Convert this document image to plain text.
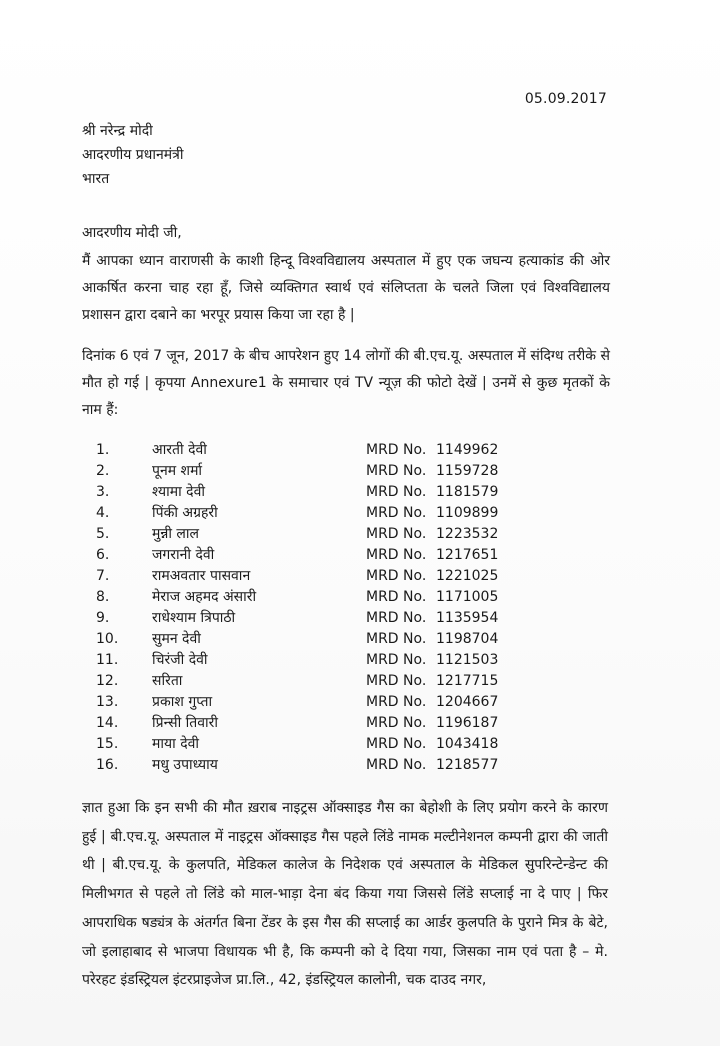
05.09.2017
श्री नरेन्द्र मोदी
आदरणीय प्रधानमंत्री
भारत
आदरणीय मोदी जी,
मैं आपका ध्यान वाराणसी के काशी हिन्दू विश्वविद्यालय अस्पताल में हुए एक जघन्य हत्याकांड की ओर आकर्षित करना चाह रहा हूँ, जिसे व्यक्तिगत स्वार्थ एवं संलिप्तता के चलते जिला एवं विश्वविद्यालय प्रशासन द्वारा दबाने का भरपूर प्रयास किया जा रहा है |
दिनांक 6 एवं 7 जून, 2017 के बीच आपरेशन हुए 14 लोगों की बी.एच.यू. अस्पताल में संदिग्ध तरीके से मौत हो गई | कृपया Annexure1 के समाचार एवं TV न्यूज़ की फोटो देखें | उनमें से कुछ मृतकों के नाम हैं:
1.	आरती देवी	MRD No. 1149962
2.	पूनम शर्मा	MRD No. 1159728
3.	श्यामा देवी	MRD No. 1181579
4.	पिंकी अग्रहरी	MRD No. 1109899
5.	मुन्नी लाल	MRD No. 1223532
6.	जगरानी देवी	MRD No. 1217651
7.	रामअवतार पासवान	MRD No. 1221025
8.	मेराज अहमद अंसारी	MRD No. 1171005
9.	राधेश्याम त्रिपाठी	MRD No. 1135954
10. सुमन देवी	MRD No. 1198704
11. चिरंजी देवी	MRD No. 1121503
12. सरिता	MRD No. 1217715
13. प्रकाश गुप्ता	MRD No. 1204667
14. प्रिन्सी तिवारी	MRD No. 1196187
15. माया देवी	MRD No. 1043418
16. मधु उपाध्याय	MRD No. 1218577
ज्ञात हुआ कि इन सभी की मौत ख़राब नाइट्रस ऑक्साइड गैस का बेहोशी के लिए प्रयोग करने के कारण हुई | बी.एच.यू. अस्पताल में नाइट्रस ऑक्साइड गैस पहले लिंडे नामक मल्टीनेशनल कम्पनी द्वारा की जाती थी | बी.एच.यू. के कुलपति, मेडिकल कालेज के निदेशक एवं अस्पताल के मेडिकल सुपरिन्टेन्डेन्ट की मिलीभगत से पहले तो लिंडे को माल-भाड़ा देना बंद किया गया जिससे लिंडे सप्लाई ना दे पाए | फिर आपराधिक षड्यंत्र के अंतर्गत बिना टेंडर के इस गैस की सप्लाई का आर्डर कुलपति के पुराने मित्र के बेटे, जो इलाहाबाद से भाजपा विधायक भी है, कि कम्पनी को दे दिया गया, जिसका नाम एवं पता है – मे. परेरहट इंडस्ट्रियल इंटरप्राइजेज प्रा.लि., 42, इंडस्ट्रियल कालोनी, चक दाउद नगर,
